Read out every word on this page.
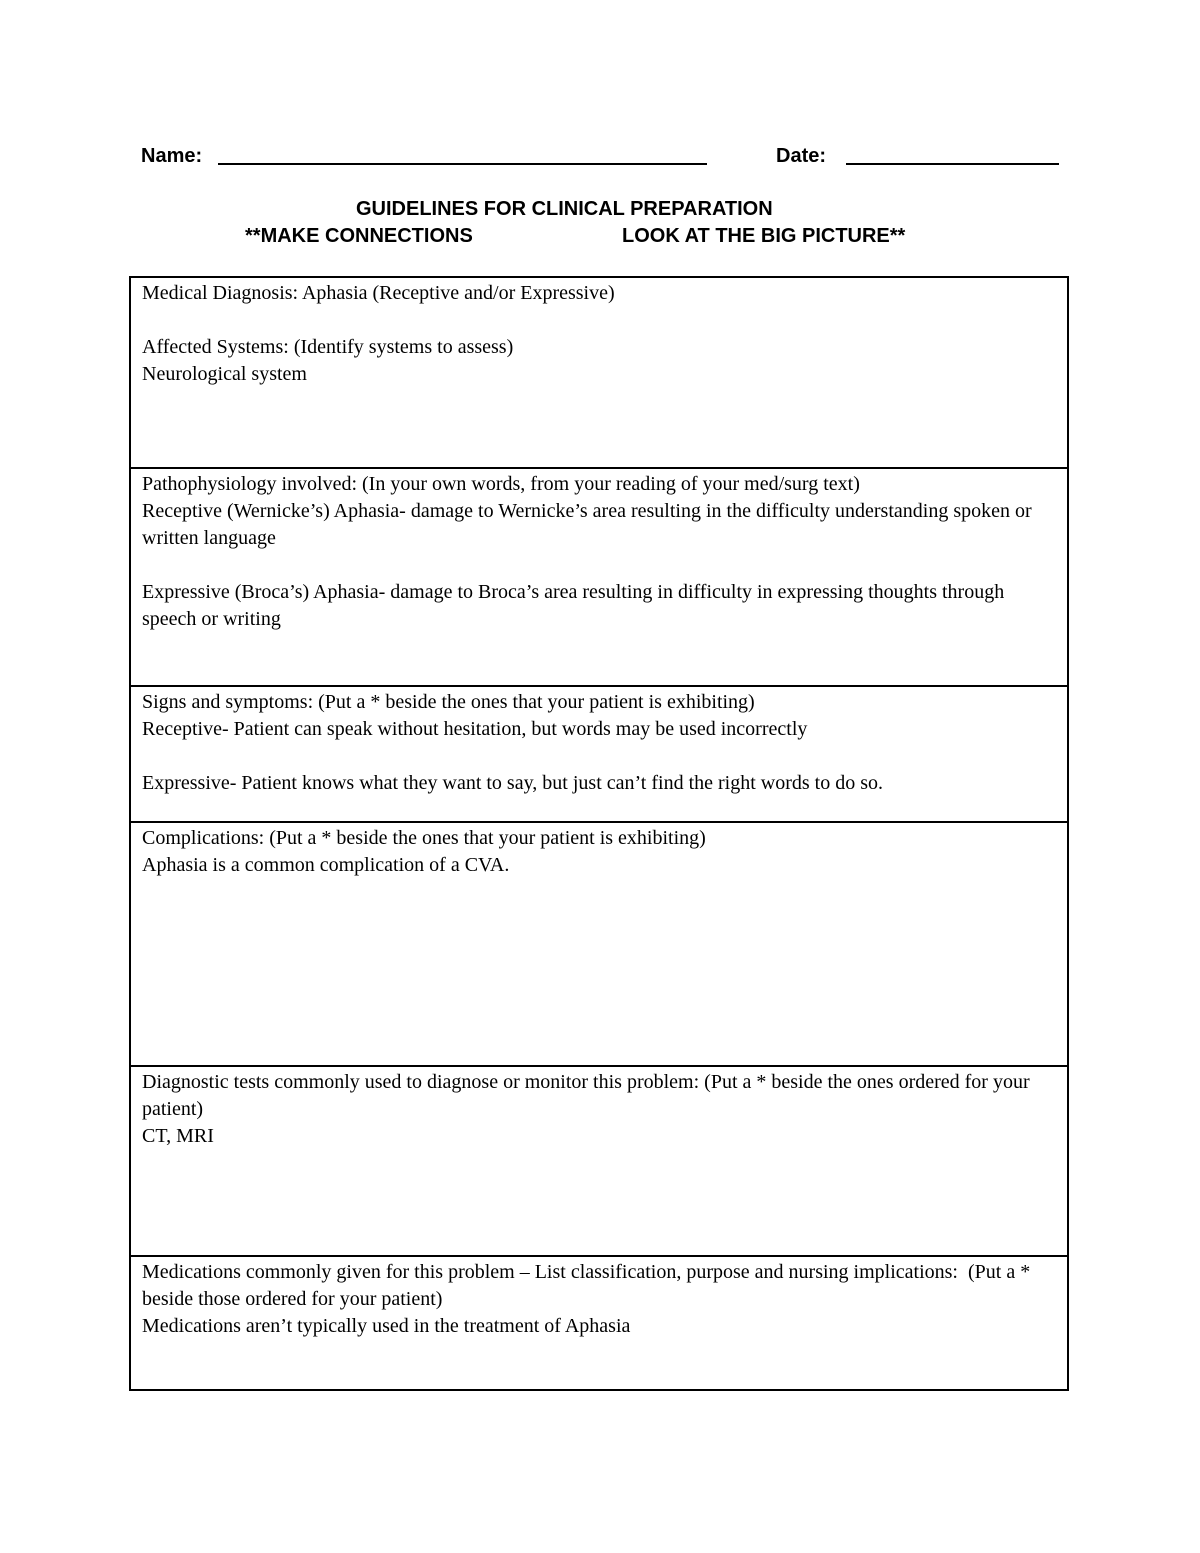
Name:	Date:
GUIDELINES FOR CLINICAL PREPARATION
**MAKE CONNECTIONS	LOOK AT THE BIG PICTURE**

Medical Diagnosis: Aphasia (Receptive and/or Expressive)

Affected Systems: (Identify systems to assess)

Neurological system

Pathophysiology involved: (In your own words, from your reading of your med/surg text)

Receptive (Wernicke’s) Aphasia- damage to Wernicke’s area resulting in the difficulty understanding spoken or written language

Expressive (Broca’s) Aphasia- damage to Broca’s area resulting in difficulty in expressing thoughts through speech or writing

Signs and symptoms: (Put a * beside the ones that your patient is exhibiting)

Receptive- Patient can speak without hesitation, but words may be used incorrectly

Expressive- Patient knows what they want to say, but just can’t find the right words to do so.

Complications: (Put a * beside the ones that your patient is exhibiting)

Aphasia is a common complication of a CVA.

Diagnostic tests commonly used to diagnose or monitor this problem: (Put a * beside the ones ordered for your patient)

CT, MRI

Medications commonly given for this problem – List classification, purpose and nursing implications:  (Put a * beside those ordered for your patient)

Medications aren’t typically used in the treatment of Aphasia
